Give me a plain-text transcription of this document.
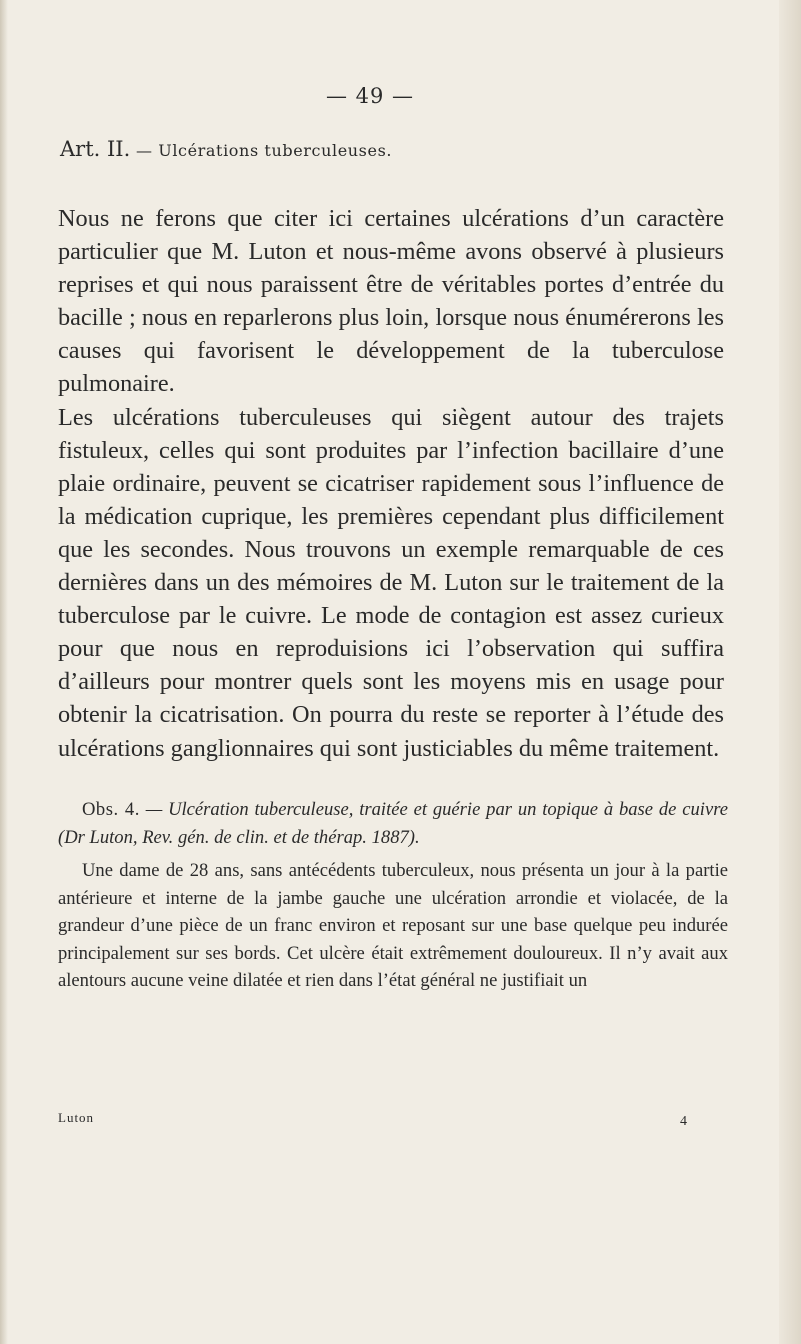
— 49 —
Art. II. — Ulcérations tuberculeuses.

Nous ne ferons que citer ici certaines ulcérations d’un caractère particulier que M. Luton et nous-même avons observé à plusieurs reprises et qui nous paraissent être de véritables portes d’entrée du bacille ; nous en reparlerons plus loin, lorsque nous énumérerons les causes qui favorisent le développement de la tuberculose pulmonaire.

Les ulcérations tuberculeuses qui siègent autour des trajets fistuleux, celles qui sont produites par l’infection bacillaire d’une plaie ordinaire, peuvent se cicatriser rapidement sous l’influence de la médication cuprique, les premières cependant plus difficilement que les secondes. Nous trouvons un exemple remarquable de ces dernières dans un des mémoires de M. Luton sur le traitement de la tuberculose par le cuivre. Le mode de contagion est assez curieux pour que nous en reproduisions ici l’observation qui suffira d’ailleurs pour montrer quels sont les moyens mis en usage pour obtenir la cicatrisation. On pourra du reste se reporter à l’étude des ulcérations ganglionnaires qui sont justiciables du même traitement.

Obs. 4. — Ulcération tuberculeuse, traitée et guérie par un topique à base de cuivre (Dr Luton, Rev. gén. de clin. et de thérap. 1887).

Une dame de 28 ans, sans antécédents tuberculeux, nous présenta un jour à la partie antérieure et interne de la jambe gauche une ulcération arrondie et violacée, de la grandeur d’une pièce de un franc environ et reposant sur une base quelque peu indurée principalement sur ses bords. Cet ulcère était extrêmement douloureux. Il n’y avait aux alentours aucune veine dilatée et rien dans l’état général ne justifiait un

Luton	4
